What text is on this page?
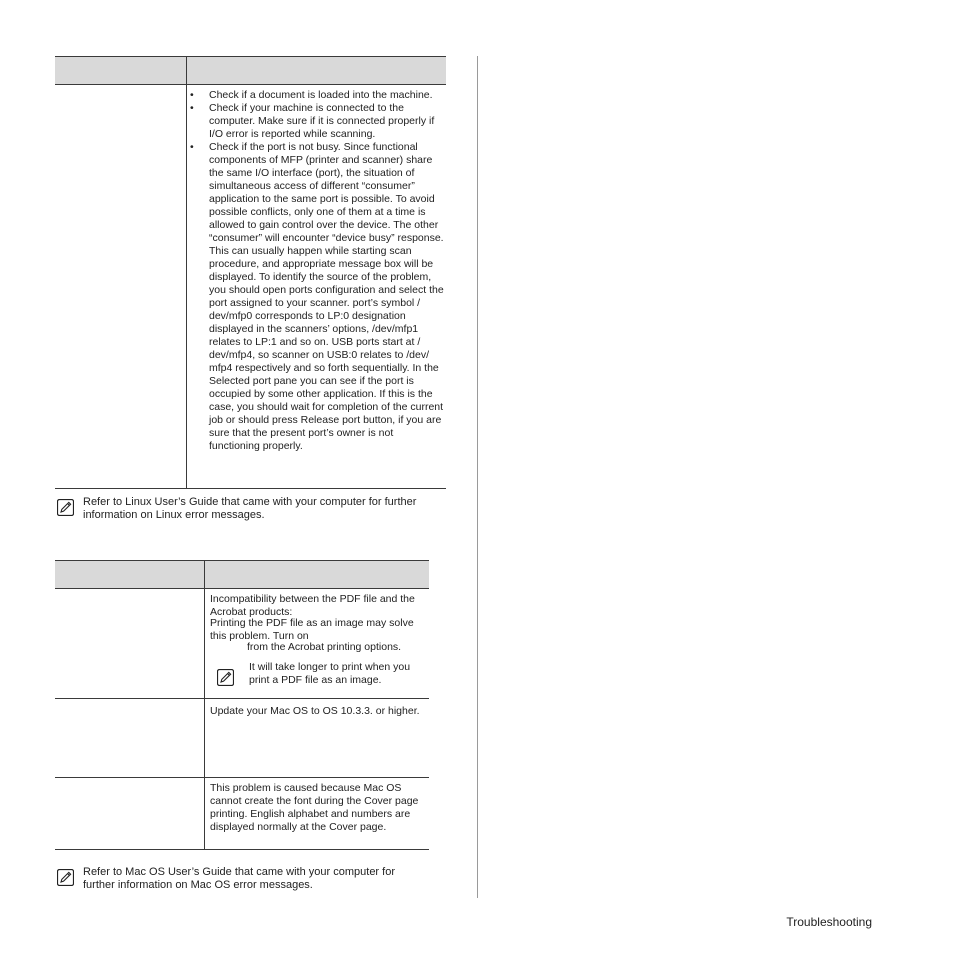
• Check if a document is loaded into the machine.
• Check if your machine is connected to the computer. Make sure if it is connected properly if I/O error is reported while scanning.
• Check if the port is not busy. Since functional components of MFP (printer and scanner) share the same I/O interface (port), the situation of simultaneous access of different “consumer” application to the same port is possible. To avoid possible conflicts, only one of them at a time is allowed to gain control over the device. The other “consumer” will encounter “device busy” response. This can usually happen while starting scan procedure, and appropriate message box will be displayed. To identify the source of the problem, you should open ports configuration and select the port assigned to your scanner. port’s symbol / dev/mfp0 corresponds to LP:0 designation displayed in the scanners’ options, /dev/mfp1 relates to LP:1 and so on. USB ports start at / dev/mfp4, so scanner on USB:0 relates to /dev/ mfp4 respectively and so forth sequentially. In the Selected port pane you can see if the port is occupied by some other application. If this is the case, you should wait for completion of the current job or should press Release port button, if you are sure that the present port’s owner is not functioning properly.
Refer to Linux User’s Guide that came with your computer for further information on Linux error messages.
Incompatibility between the PDF file and the Acrobat products:
Printing the PDF file as an image may solve this problem. Turn on
from the Acrobat printing options.
It will take longer to print when you print a PDF file as an image.
Update your Mac OS to OS 10.3.3. or higher.
This problem is caused because Mac OS cannot create the font during the Cover page printing. English alphabet and numbers are displayed normally at the Cover page.
Refer to Mac OS User’s Guide that came with your computer for further information on Mac OS error messages.
Troubleshooting
